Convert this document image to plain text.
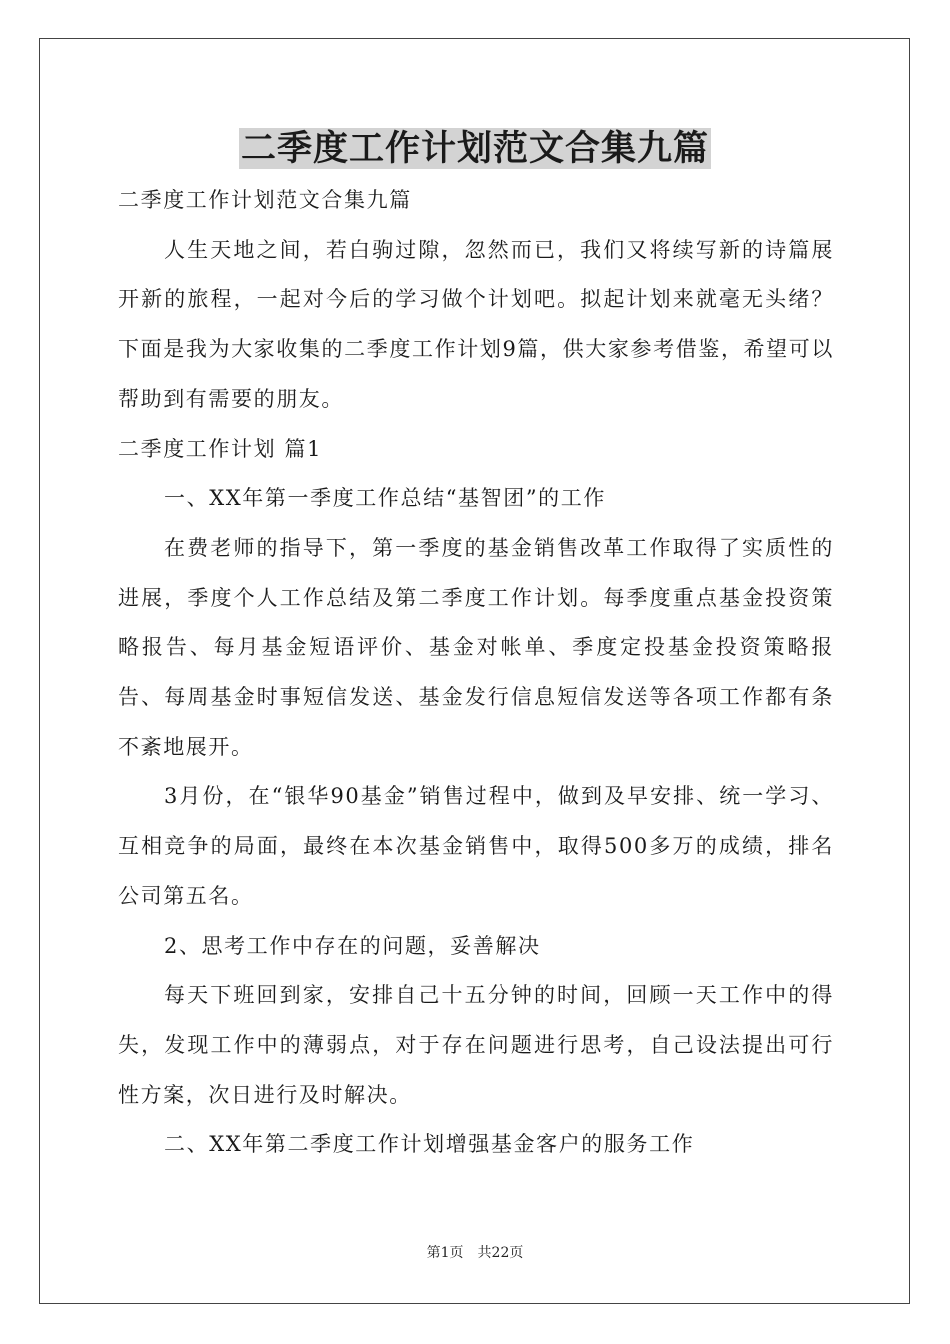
二季度工作计划范文合集九篇

二季度工作计划范文合集九篇

人生天地之间，若白驹过隙，忽然而已，我们又将续写新的诗篇展开新的旅程，一起对今后的学习做个计划吧。拟起计划来就毫无头绪？下面是我为大家收集的二季度工作计划9篇，供大家参考借鉴，希望可以帮助到有需要的朋友。

二季度工作计划 篇1

一、XX年第一季度工作总结“基智团”的工作

在费老师的指导下，第一季度的基金销售改革工作取得了实质性的进展，季度个人工作总结及第二季度工作计划。每季度重点基金投资策略报告、每月基金短语评价、基金对帐单、季度定投基金投资策略报告、每周基金时事短信发送、基金发行信息短信发送等各项工作都有条不紊地展开。

3月份，在“银华90基金”销售过程中，做到及早安排、统一学习、互相竞争的局面，最终在本次基金销售中，取得500多万的成绩，排名公司第五名。

2、思考工作中存在的问题，妥善解决

每天下班回到家，安排自己十五分钟的时间，回顾一天工作中的得失，发现工作中的薄弱点，对于存在问题进行思考，自己设法提出可行性方案，次日进行及时解决。

二、XX年第二季度工作计划增强基金客户的服务工作

第1页　共22页
